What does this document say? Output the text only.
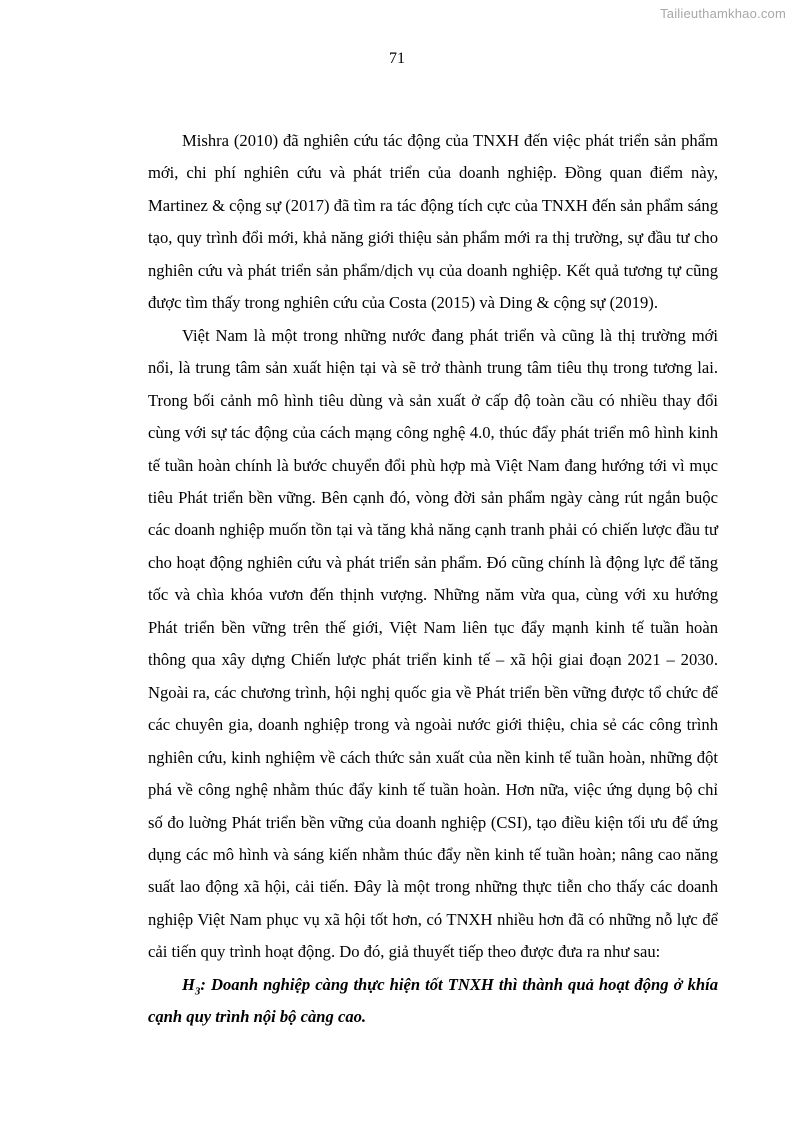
Tailieuthamkhao.com
71

Mishra (2010) đã nghiên cứu tác động của TNXH đến việc phát triển sản phẩm mới, chi phí nghiên cứu và phát triển của doanh nghiệp. Đồng quan điểm này, Martinez & cộng sự (2017) đã tìm ra tác động tích cực của TNXH đến sản phẩm sáng tạo, quy trình đổi mới, khả năng giới thiệu sản phẩm mới ra thị trường, sự đầu tư cho nghiên cứu và phát triển sản phẩm/dịch vụ của doanh nghiệp. Kết quả tương tự cũng được tìm thấy trong nghiên cứu của Costa (2015) và Ding & cộng sự (2019).

Việt Nam là một trong những nước đang phát triển và cũng là thị trường mới nổi, là trung tâm sản xuất hiện tại và sẽ trở thành trung tâm tiêu thụ trong tương lai. Trong bối cảnh mô hình tiêu dùng và sản xuất ở cấp độ toàn cầu có nhiều thay đổi cùng với sự tác động của cách mạng công nghệ 4.0, thúc đẩy phát triển mô hình kinh tế tuần hoàn chính là bước chuyển đổi phù hợp mà Việt Nam đang hướng tới vì mục tiêu Phát triển bền vững. Bên cạnh đó, vòng đời sản phẩm ngày càng rút ngắn buộc các doanh nghiệp muốn tồn tại và tăng khả năng cạnh tranh phải có chiến lược đầu tư cho hoạt động nghiên cứu và phát triển sản phẩm. Đó cũng chính là động lực để tăng tốc và chìa khóa vươn đến thịnh vượng. Những năm vừa qua, cùng với xu hướng Phát triển bền vững trên thế giới, Việt Nam liên tục đẩy mạnh kinh tế tuần hoàn thông qua xây dựng Chiến lược phát triển kinh tế – xã hội giai đoạn 2021 – 2030. Ngoài ra, các chương trình, hội nghị quốc gia về Phát triển bền vững được tổ chức để các chuyên gia, doanh nghiệp trong và ngoài nước giới thiệu, chia sẻ các công trình nghiên cứu, kinh nghiệm về cách thức sản xuất của nền kinh tế tuần hoàn, những đột phá về công nghệ nhằm thúc đẩy kinh tế tuần hoàn. Hơn nữa, việc ứng dụng bộ chỉ số đo luờng Phát triển bền vững của doanh nghiệp (CSI), tạo điều kiện tối ưu để ứng dụng các mô hình và sáng kiến nhằm thúc đẩy nền kinh tế tuần hoàn; nâng cao năng suất lao động xã hội, cải tiến. Đây là một trong những thực tiễn cho thấy các doanh nghiệp Việt Nam phục vụ xã hội tốt hơn, có TNXH nhiều hơn đã có những nỗ lực để cải tiến quy trình hoạt động. Do đó, giả thuyết tiếp theo được đưa ra như sau:

$H_3$: Doanh nghiệp càng thực hiện tốt TNXH thì thành quả hoạt động ở khía cạnh quy trình nội bộ càng cao.
